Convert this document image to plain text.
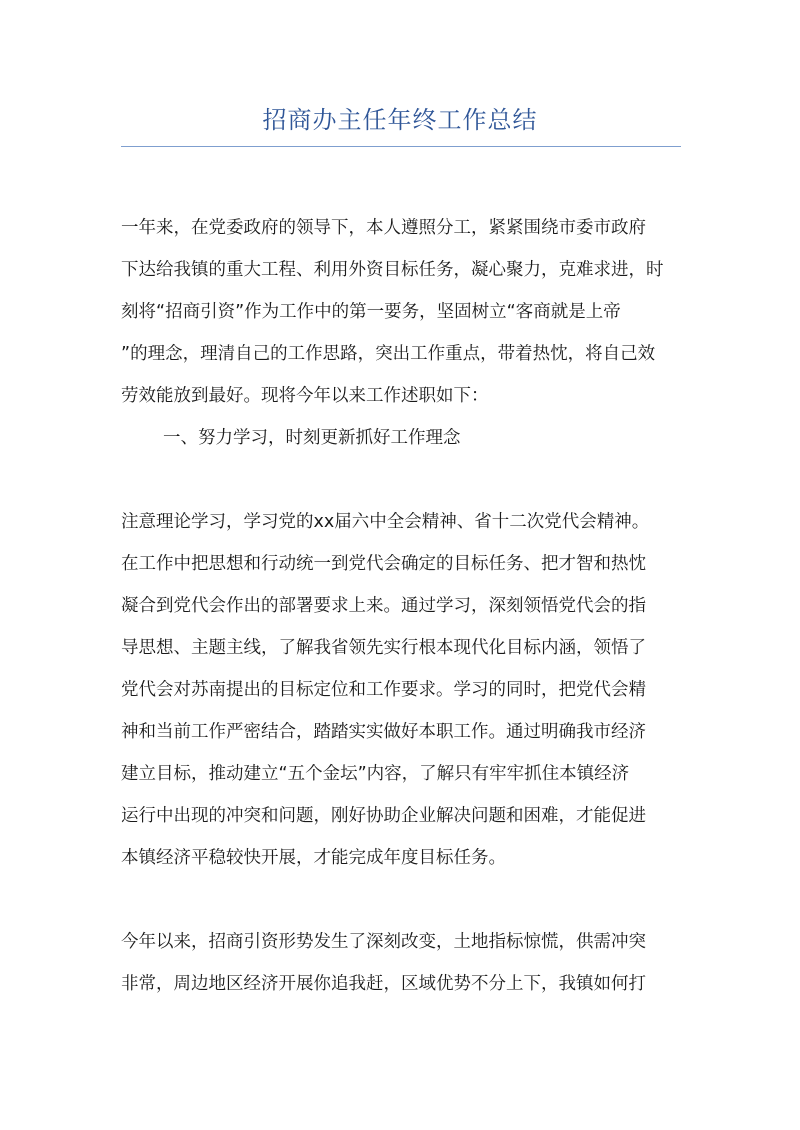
招商办主任年终工作总结
一年来，在党委政府的领导下，本人遵照分工，紧紧围绕市委市政府
下达给我镇的重大工程、利用外资目标任务，凝心聚力，克难求进，时
刻将“招商引资”作为工作中的第一要务，坚固树立“客商就是上帝
”的理念，理清自己的工作思路，突出工作重点，带着热忱，将自己效
劳效能放到最好。现将今年以来工作述职如下：
一、努力学习，时刻更新抓好工作理念
注意理论学习，学习党的xx届六中全会精神、省十二次党代会精神。
在工作中把思想和行动统一到党代会确定的目标任务、把才智和热忱
凝合到党代会作出的部署要求上来。通过学习，深刻领悟党代会的指
导思想、主题主线，了解我省领先实行根本现代化目标内涵，领悟了
党代会对苏南提出的目标定位和工作要求。学习的同时，把党代会精
神和当前工作严密结合，踏踏实实做好本职工作。通过明确我市经济
建立目标，推动建立“五个金坛”内容，了解只有牢牢抓住本镇经济
运行中出现的冲突和问题，刚好协助企业解决问题和困难，才能促进
本镇经济平稳较快开展，才能完成年度目标任务。
今年以来，招商引资形势发生了深刻改变，土地指标惊慌，供需冲突
非常，周边地区经济开展你追我赶，区域优势不分上下，我镇如何打
